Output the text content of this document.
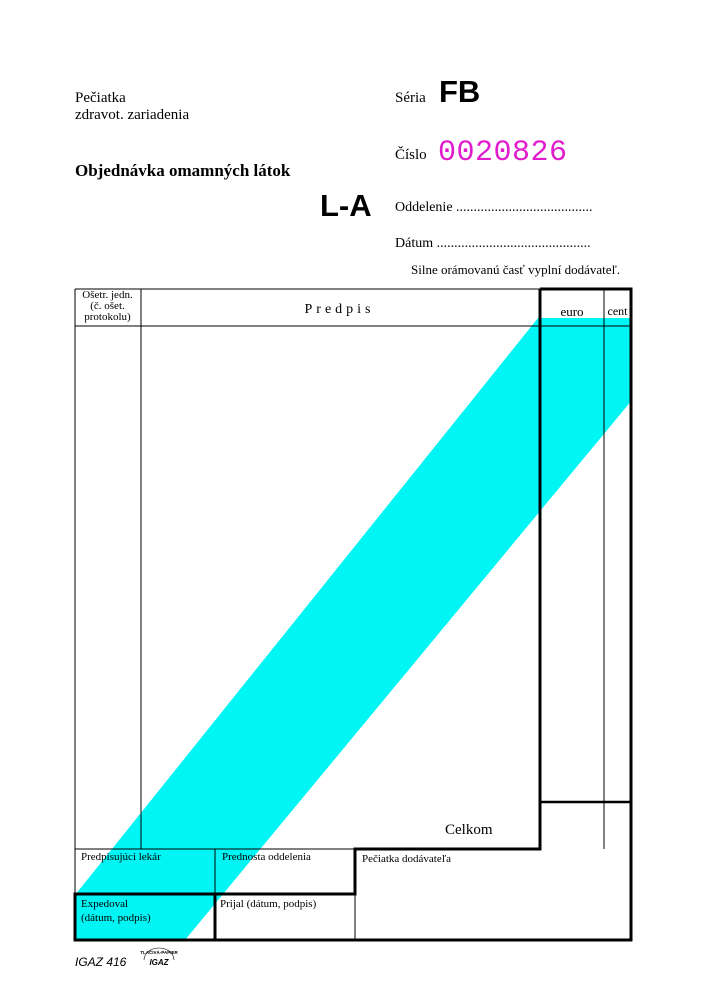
Pečiatka
zdravot. zariadenia
Objednávka omamných látok
L-A
Séria FB
Číslo 0020826
Oddelenie .......................................
Dátum ............................................
Silne orámovanú časť vyplní dodávateľ.
Ošetr. jedn.
(č. ošet.
protokolu)	Predpis	euro	cent
Celkom
Predpisujúci lekár	Prednosta oddelenia	Pečiatka dodávateľa
Expedoval
(dátum, podpis)
Prijal (dátum, podpis)
IGAZ 416
TLAČIVÁ-PAPIER
IGAZ
